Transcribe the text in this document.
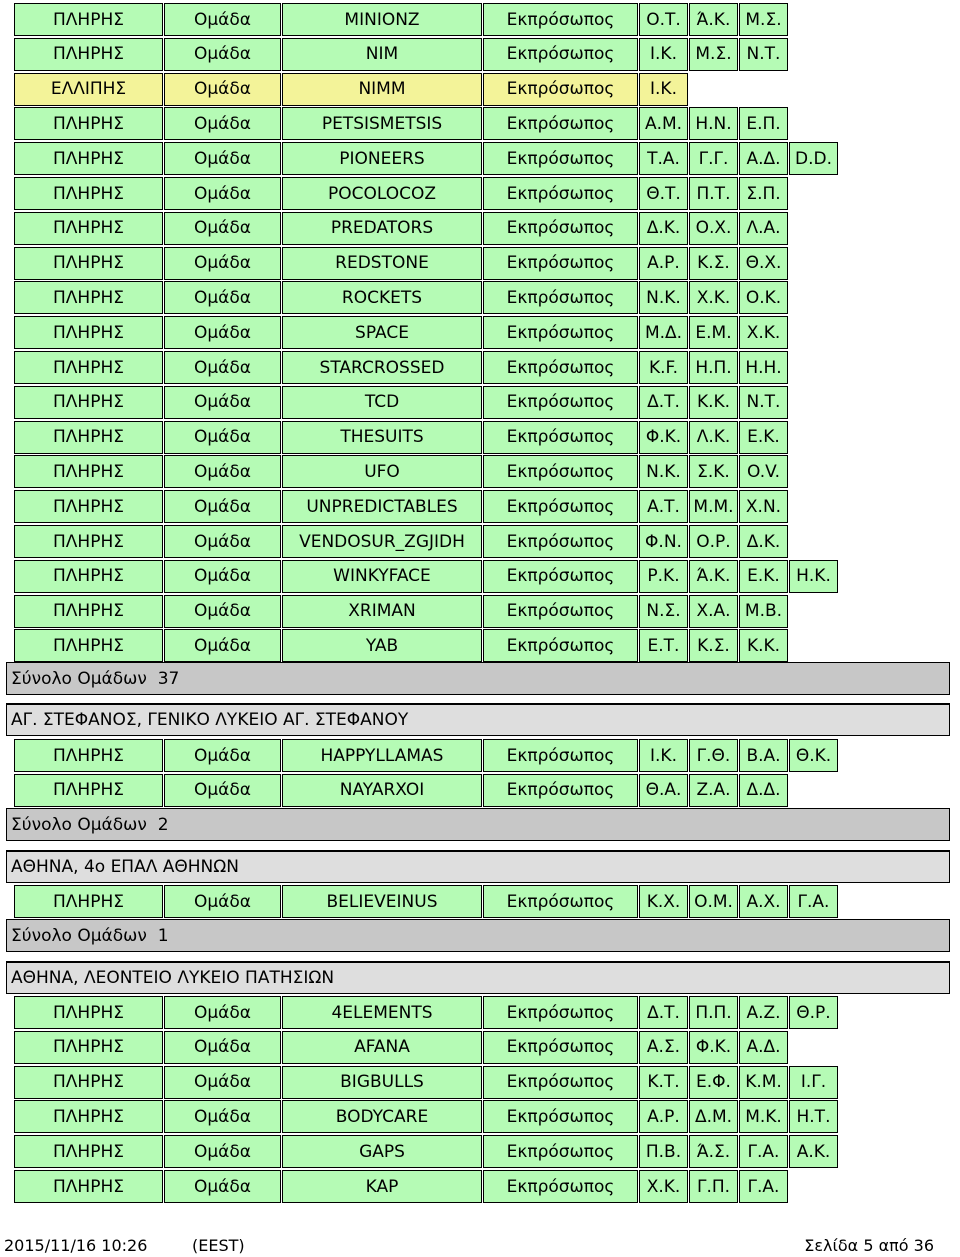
ΠΛΗΡΗΣ	Ομάδα	MINIONZ	Εκπρόσωπος	Ο.Τ. Ά.Κ. Μ.Σ.
ΠΛΗΡΗΣ	Ομάδα	NIM	Εκπρόσωπος	Ι.Κ.	Μ.Σ. Ν.Τ.
ΕΛΛΙΠΗΣ	Ομάδα	NIMM	Εκπρόσωπος	Ι.Κ.
ΠΛΗΡΗΣ	Ομάδα	PETSISMETSIS	Εκπρόσωπος	Α.Μ. Η.Ν. Ε.Π.
ΠΛΗΡΗΣ	Ομάδα	PIONEERS	Εκπρόσωπος	Τ.Α.	Γ.Γ.	Α.Δ. D.D.
ΠΛΗΡΗΣ	Ομάδα	POCOLOCOZ	Εκπρόσωπος	Θ.Τ. Π.Τ. Σ.Π.
ΠΛΗΡΗΣ	Ομάδα	PREDATORS	Εκπρόσωπος	Δ.Κ. Ο.Χ. Λ.Α.
ΠΛΗΡΗΣ	Ομάδα	REDSTONE	Εκπρόσωπος	Α.Ρ.	Κ.Σ. Θ.Χ.
ΠΛΗΡΗΣ	Ομάδα	ROCKETS	Εκπρόσωπος	Ν.Κ. Χ.Κ. Ο.Κ.
ΠΛΗΡΗΣ	Ομάδα	SPACE	Εκπρόσωπος	Μ.Δ. Ε.Μ. Χ.Κ.
ΠΛΗΡΗΣ	Ομάδα	STARCROSSED	Εκπρόσωπος	K.F.	Η.Π. Η.Η.
ΠΛΗΡΗΣ	Ομάδα	TCD	Εκπρόσωπος	Δ.Τ.	Κ.Κ. Ν.Τ.
ΠΛΗΡΗΣ	Ομάδα	THESUITS	Εκπρόσωπος	Φ.Κ. Λ.Κ. Ε.Κ.
ΠΛΗΡΗΣ	Ομάδα	UFO	Εκπρόσωπος	Ν.Κ. Σ.Κ.	O.V.
ΠΛΗΡΗΣ	Ομάδα	UNPREDICTABLES	Εκπρόσωπος	Α.Τ. Μ.Μ. Χ.Ν.
ΠΛΗΡΗΣ	Ομάδα	VENDOSUR_ZGJIDH	Εκπρόσωπος	Φ.Ν. Ο.Ρ. Δ.Κ.
ΠΛΗΡΗΣ	Ομάδα	WINKYFACE	Εκπρόσωπος	Ρ.Κ.	Ά.Κ. Ε.Κ. Η.Κ.
ΠΛΗΡΗΣ	Ομάδα	XRIMAN	Εκπρόσωπος	Ν.Σ. Χ.Α. Μ.Β.
ΠΛΗΡΗΣ	Ομάδα	YAB	Εκπρόσωπος	Ε.Τ.	Κ.Σ.	Κ.Κ.
Σύνολο Ομάδων
37
ΑΓ. ΣΤΕΦΑΝΟΣ, ΓΕΝΙΚΟ ΛΥΚΕΙΟ ΑΓ. ΣΤΕΦΑΝΟΥ
ΠΛΗΡΗΣ	Ομάδα	HAPPYLLAMAS	Εκπρόσωπος	Ι.Κ.	Γ.Θ. Β.Α. Θ.Κ.
ΠΛΗΡΗΣ	Ομάδα	NAYARXOI	Εκπρόσωπος	Θ.Α. Ζ.Α. Δ.Δ.
Σύνολο Ομάδων
2
ΑΘΗΝΑ, 4ο ΕΠΑΛ ΑΘΗΝΩΝ
ΠΛΗΡΗΣ	Ομάδα	BELIEVEINUS	Εκπρόσωπος	Κ.Χ. Ο.Μ. Α.Χ. Γ.Α.
Σύνολο Ομάδων
1
ΑΘΗΝΑ, ΛΕΟΝΤΕΙΟ ΛΥΚΕΙΟ ΠΑΤΗΣΙΩΝ
ΠΛΗΡΗΣ	Ομάδα	4ELEMENTS	Εκπρόσωπος	Δ.Τ. Π.Π. Α.Ζ. Θ.Ρ.
ΠΛΗΡΗΣ	Ομάδα	AFANA	Εκπρόσωπος	Α.Σ. Φ.Κ. Α.Δ.
ΠΛΗΡΗΣ	Ομάδα	BIGBULLS	Εκπρόσωπος	Κ.Τ. Ε.Φ. Κ.Μ.	Ι.Γ.
ΠΛΗΡΗΣ	Ομάδα	BODYCARE	Εκπρόσωπος	Α.Ρ. Δ.Μ. Μ.Κ. Η.Τ.
ΠΛΗΡΗΣ	Ομάδα	GAPS	Εκπρόσωπος	Π.Β. Ά.Σ.	Γ.Α.	Α.Κ.
ΠΛΗΡΗΣ	Ομάδα	KAP	Εκπρόσωπος	Χ.Κ. Γ.Π.	Γ.Α.
2015/11/16 10:26	(EEST)	Σελίδα 5 από 36
